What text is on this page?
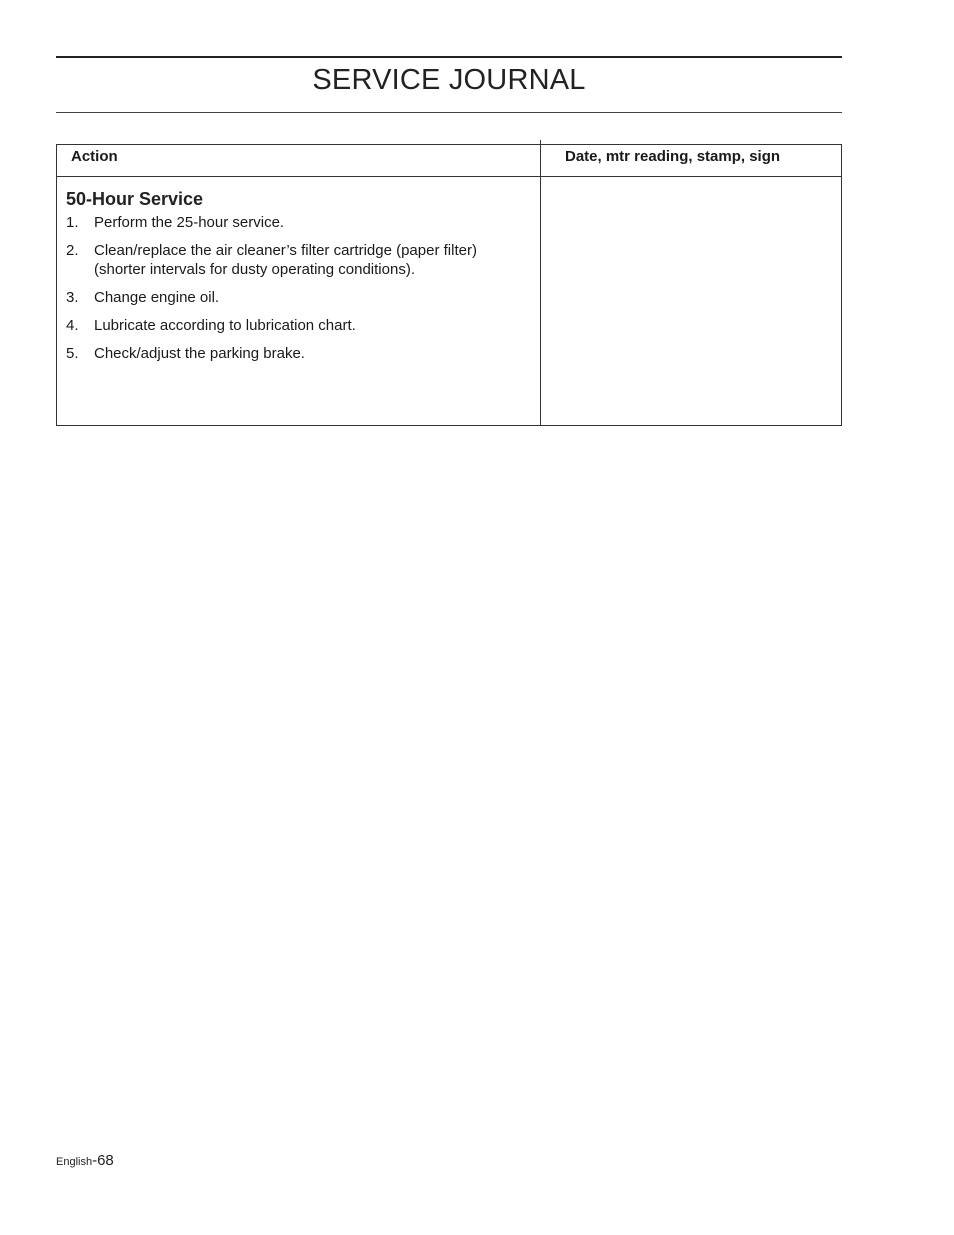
SERVICE JOURNAL
Action	Date, mtr reading, stamp, sign
50-Hour Service
1. Perform the 25-hour service.
2. Clean/replace the air cleaner’s filter cartridge (paper filter) (shorter intervals for dusty operating conditions).
3. Change engine oil.
4. Lubricate according to lubrication chart.
5. Check/adjust the parking brake.
English-68
